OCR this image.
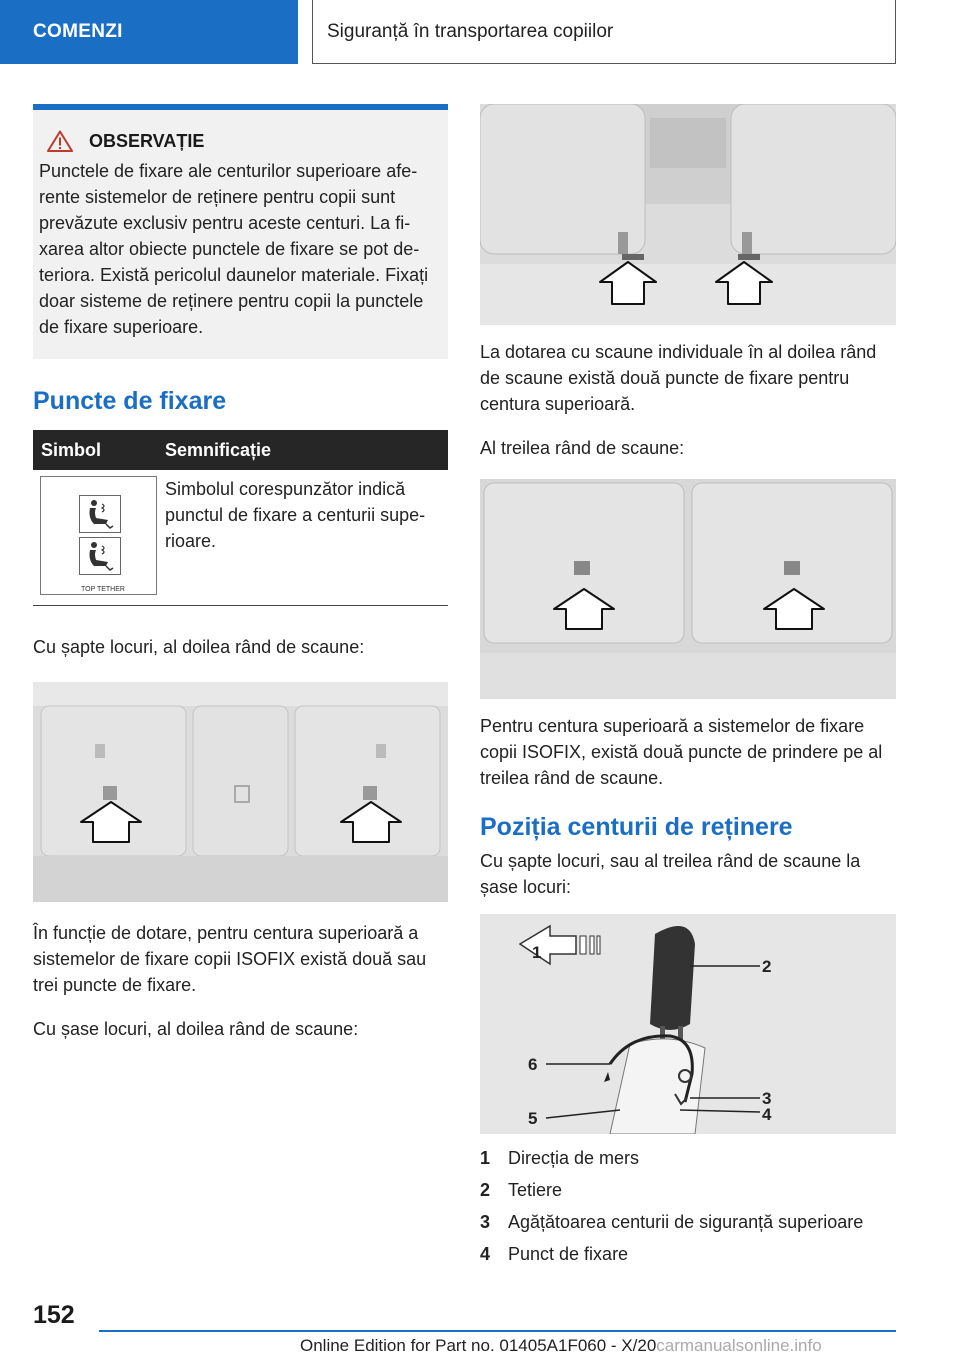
COMENZI	Siguranță în transportarea copiilor
OBSERVAȚIE
Punctele de fixare ale centurilor superioare aferente sistemelor de reținere pentru copii sunt prevăzute exclusiv pentru aceste centuri. La fixarea altor obiecte punctele de fixare se pot deteriora. Există pericolul daunelor materiale. Fixați doar sisteme de reținere pentru copii la punctele de fixare superioare.
Puncte de fixare
Simbol	Semnificație

TOP TETHER	Simbolul corespunzător indică punctul de fixare a centurii superioare.
Cu șapte locuri, al doilea rând de scaune:
În funcție de dotare, pentru centura superioară a sistemelor de fixare copii ISOFIX există două sau trei puncte de fixare.
Cu șase locuri, al doilea rând de scaune:
La dotarea cu scaune individuale în al doilea rând de scaune există două puncte de fixare pentru centura superioară.
Al treilea rând de scaune:
Pentru centura superioară a sistemelor de fixare copii ISOFIX, există două puncte de prindere pe al treilea rând de scaune.
Poziția centurii de reținere
Cu șapte locuri, sau al treilea rând de scaune la șase locuri:
1
2
3
4
5
6
1 Direcția de mers
2 Tetiere
3 Agățătoarea centurii de siguranță superioare
4 Punct de fixare
152
Online Edition for Part no. 01405A1F060 - X/20carmanualsonline.info
